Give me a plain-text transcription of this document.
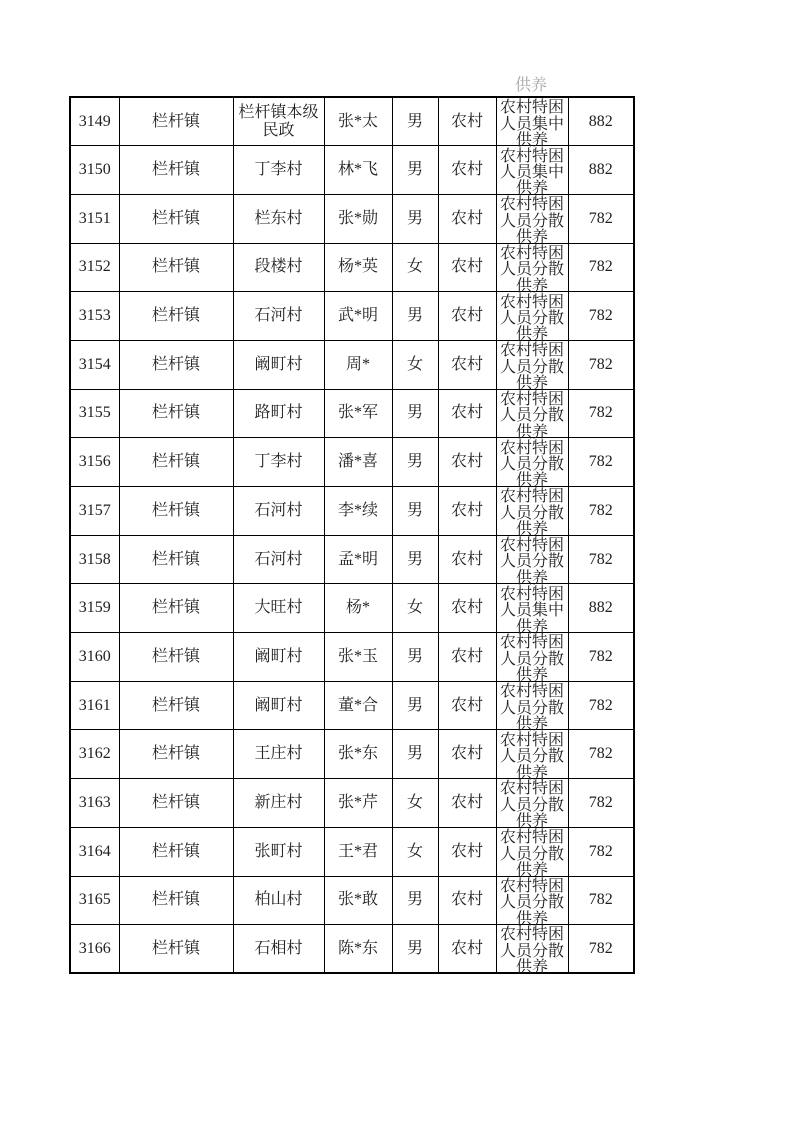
供养
3149	栏杆镇	栏杆镇本级民政	张*太	男	农村	农村特困人员集中供养	882
3150	栏杆镇	丁李村	林*飞	男	农村	农村特困人员集中供养	882
3151	栏杆镇	栏东村	张*勋	男	农村	农村特困人员分散供养	782
3152	栏杆镇	段楼村	杨*英	女	农村	农村特困人员分散供养	782
3153	栏杆镇	石河村	武*明	男	农村	农村特困人员分散供养	782
3154	栏杆镇	阚町村	周*	女	农村	农村特困人员分散供养	782
3155	栏杆镇	路町村	张*军	男	农村	农村特困人员分散供养	782
3156	栏杆镇	丁李村	潘*喜	男	农村	农村特困人员分散供养	782
3157	栏杆镇	石河村	李*续	男	农村	农村特困人员分散供养	782
3158	栏杆镇	石河村	孟*明	男	农村	农村特困人员分散供养	782
3159	栏杆镇	大旺村	杨*	女	农村	农村特困人员集中供养	882
3160	栏杆镇	阚町村	张*玉	男	农村	农村特困人员分散供养	782
3161	栏杆镇	阚町村	董*合	男	农村	农村特困人员分散供养	782
3162	栏杆镇	王庄村	张*东	男	农村	农村特困人员分散供养	782
3163	栏杆镇	新庄村	张*芹	女	农村	农村特困人员分散供养	782
3164	栏杆镇	张町村	王*君	女	农村	农村特困人员分散供养	782
3165	栏杆镇	柏山村	张*敢	男	农村	农村特困人员分散供养	782
3166	栏杆镇	石相村	陈*东	男	农村	农村特困人员分散供养	782
